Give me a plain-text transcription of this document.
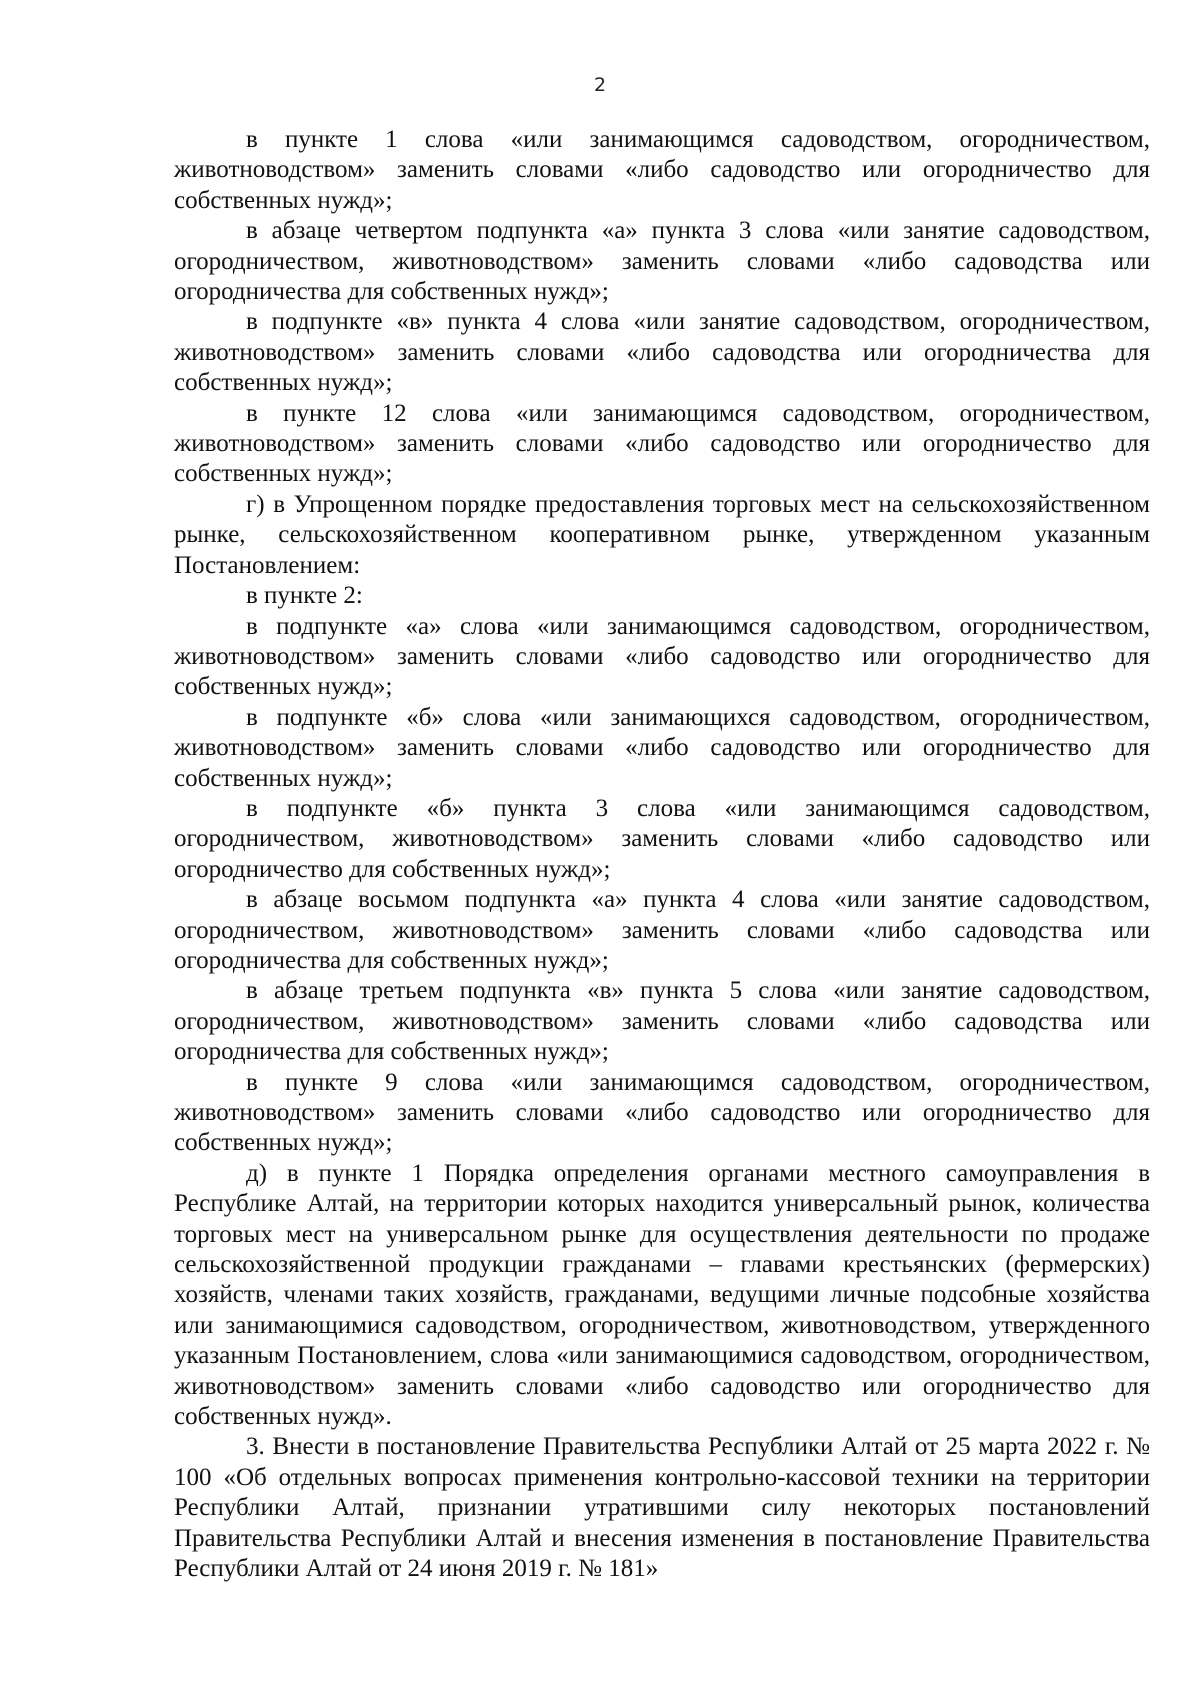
2

в пункте 1 слова «или занимающимся садоводством, огородничеством, животноводством» заменить словами «либо садоводство или огородничество для собственных нужд»;

в абзаце четвертом подпункта «а» пункта 3 слова «или занятие садоводством, огородничеством, животноводством» заменить словами «либо садоводства или огородничества для собственных нужд»;

в подпункте «в» пункта 4 слова «или занятие садоводством, огородничеством, животноводством» заменить словами «либо садоводства или огородничества для собственных нужд»;

в пункте 12 слова «или занимающимся садоводством, огородничеством, животноводством» заменить словами «либо садоводство или огородничество для собственных нужд»;

г) в Упрощенном порядке предоставления торговых мест на сельскохозяйственном рынке, сельскохозяйственном кооперативном рынке, утвержденном указанным Постановлением:

в пункте 2:

в подпункте «а» слова «или занимающимся садоводством, огородничеством, животноводством» заменить словами «либо садоводство или огородничество для собственных нужд»;

в подпункте «б» слова «или занимающихся садоводством, огородничеством, животноводством» заменить словами «либо садоводство или огородничество для собственных нужд»;

в подпункте «б» пункта 3 слова «или занимающимся садоводством, огородничеством, животноводством» заменить словами «либо садоводство или огородничество для собственных нужд»;

в абзаце восьмом подпункта «а» пункта 4 слова «или занятие садоводством, огородничеством, животноводством» заменить словами «либо садоводства или огородничества для собственных нужд»;

в абзаце третьем подпункта «в» пункта 5 слова «или занятие садоводством, огородничеством, животноводством» заменить словами «либо садоводства или огородничества для собственных нужд»;

в пункте 9 слова «или занимающимся садоводством, огородничеством, животноводством» заменить словами «либо садоводство или огородничество для собственных нужд»;

д) в пункте 1 Порядка определения органами местного самоуправления в Республике Алтай, на территории которых находится универсальный рынок, количества торговых мест на универсальном рынке для осуществления деятельности по продаже сельскохозяйственной продукции гражданами – главами крестьянских (фермерских) хозяйств, членами таких хозяйств, гражданами, ведущими личные подсобные хозяйства или занимающимися садоводством, огородничеством, животноводством, утвержденного указанным Постановлением, слова «или занимающимися садоводством, огородничеством, животноводством» заменить словами «либо садоводство или огородничество для собственных нужд».

3. Внести в постановление Правительства Республики Алтай от 25 марта 2022 г. № 100 «Об отдельных вопросах применения контрольно-кассовой техники на территории Республики Алтай, признании утратившими силу некоторых постановлений Правительства Республики Алтай и внесения изменения в постановление Правительства Республики Алтай от 24 июня 2019 г. № 181»
